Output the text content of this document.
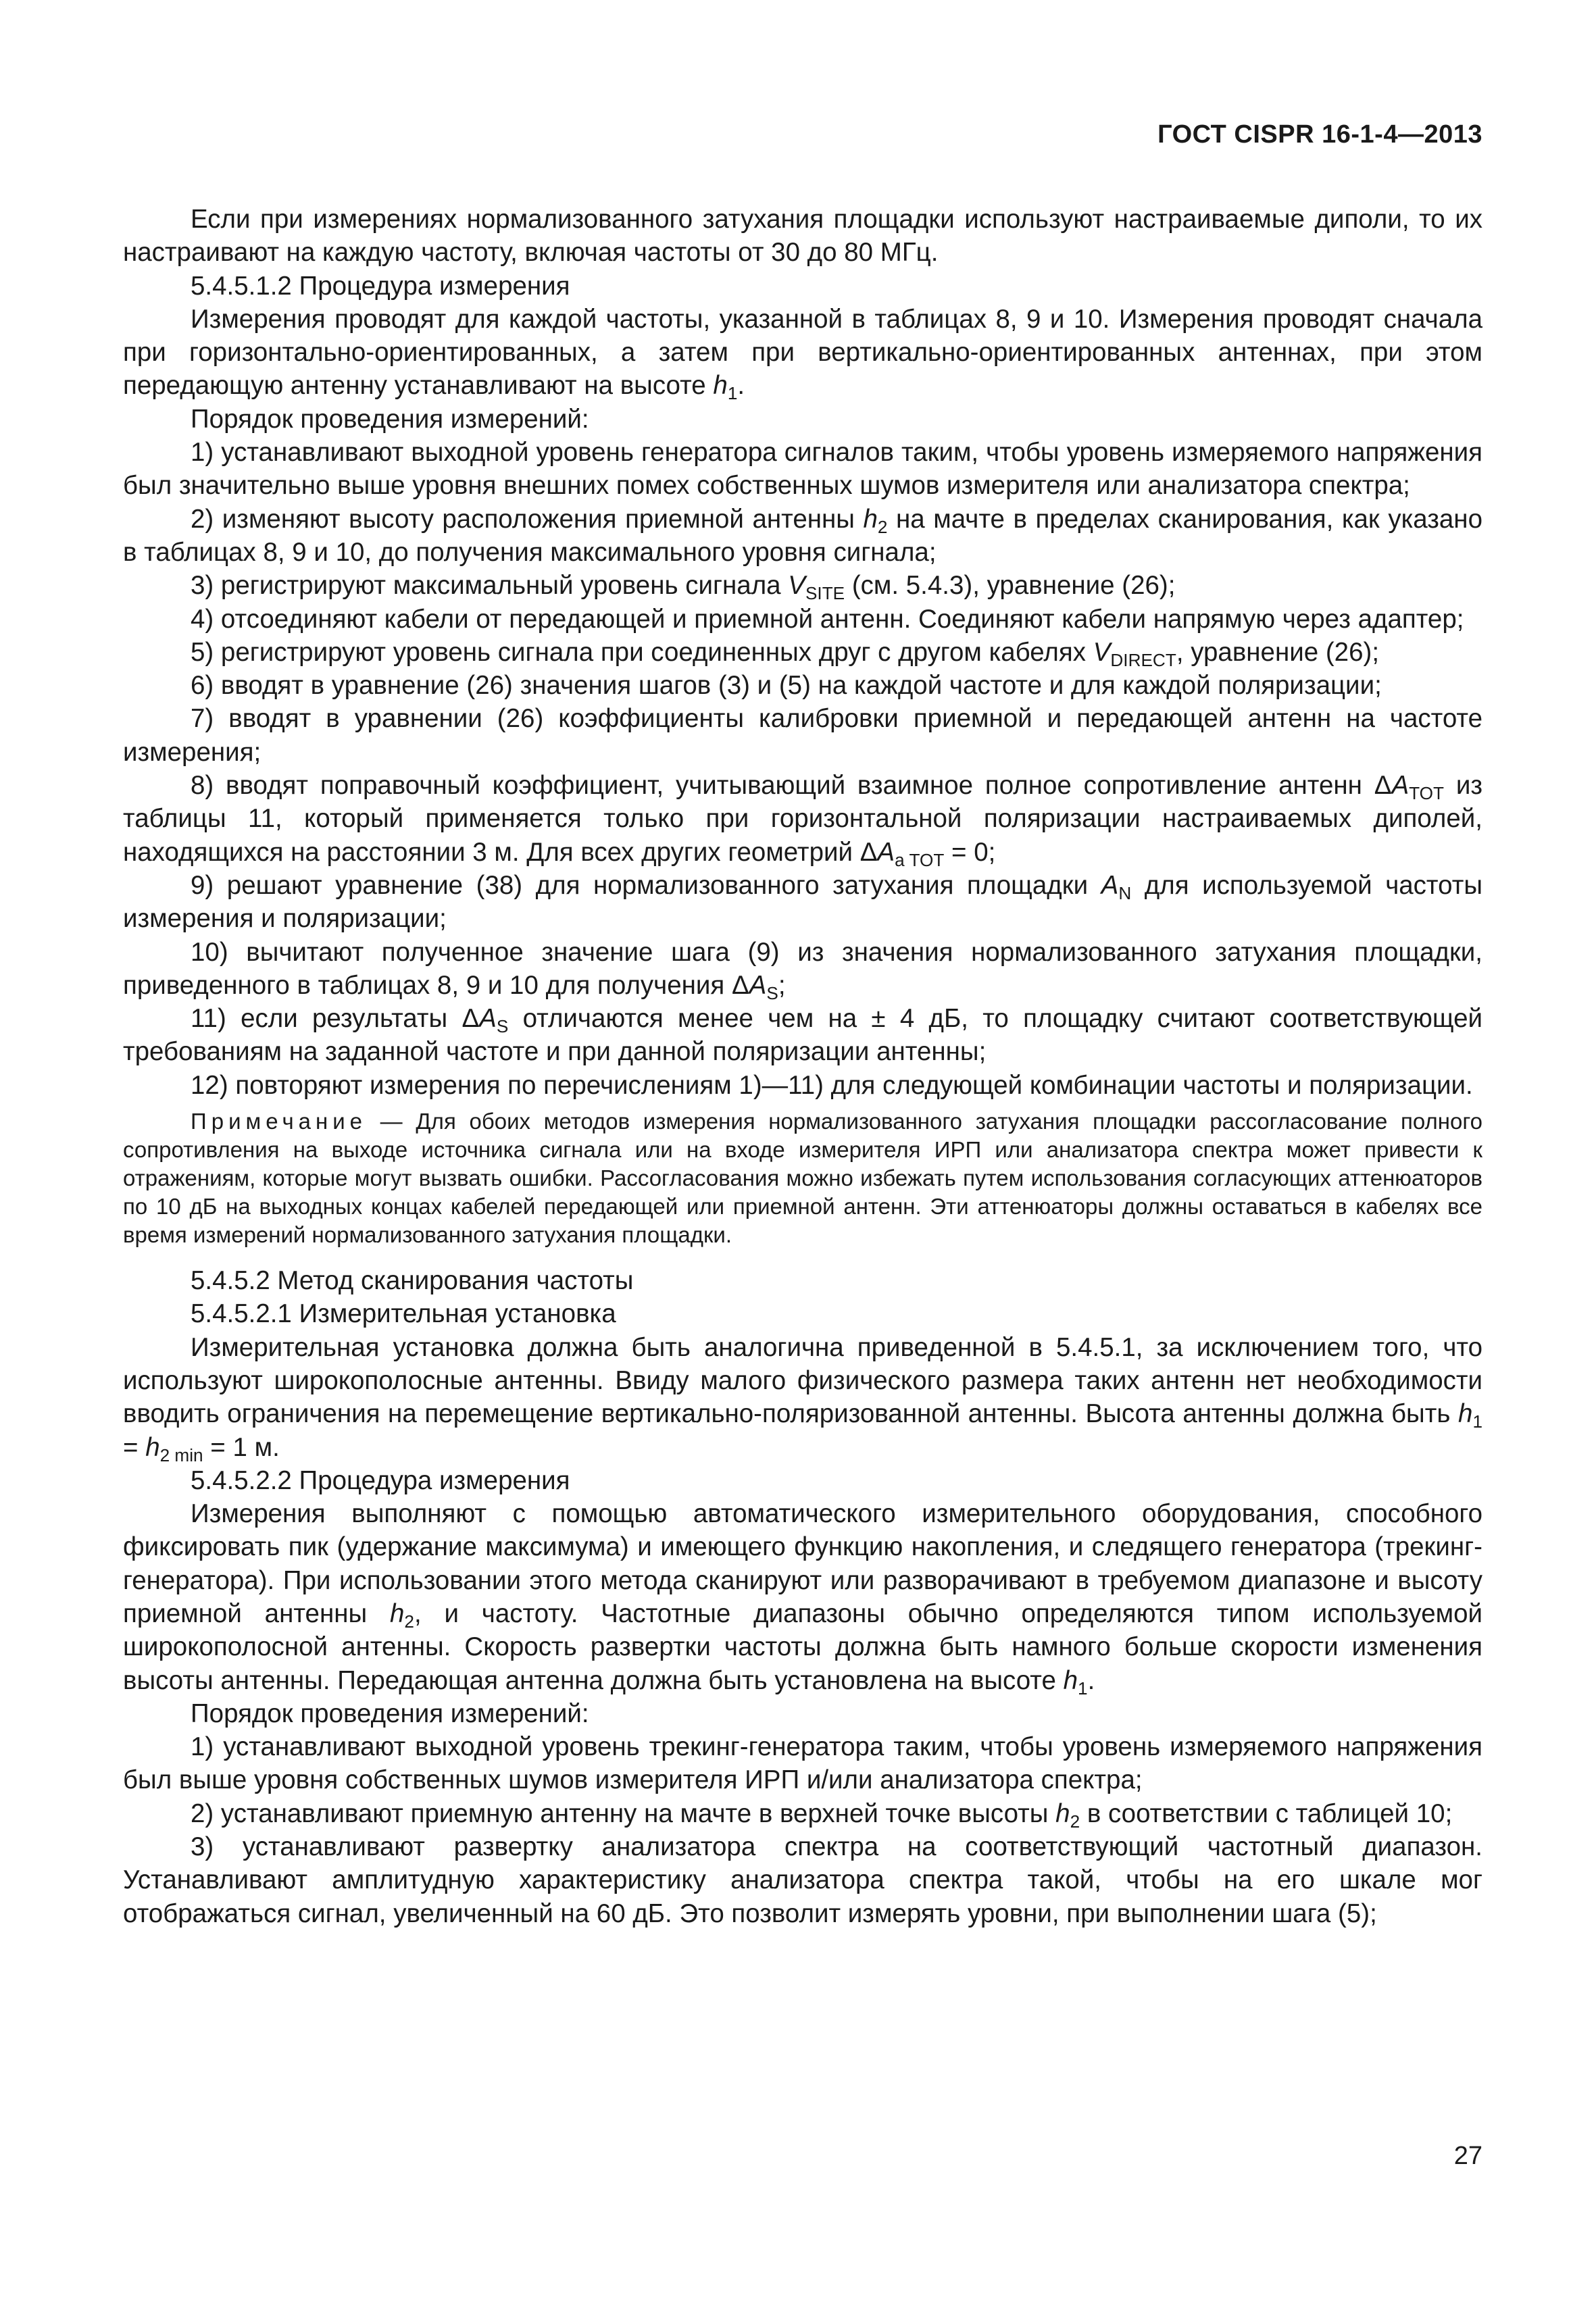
ГОСТ CISPR 16-1-4—2013

Если при измерениях нормализованного затухания площадки используют настраиваемые диполи, то их настраивают на каждую частоту, включая частоты от 30 до 80 МГц.

5.4.5.1.2 Процедура измерения

Измерения проводят для каждой частоты, указанной в таблицах 8, 9 и 10. Измерения проводят сначала при горизонтально-ориентированных, а затем при вертикально-ориентированных антеннах, при этом передающую антенну устанавливают на высоте $h_1$.

Порядок проведения измерений:

1) устанавливают выходной уровень генератора сигналов таким, чтобы уровень измеряемого напряжения был значительно выше уровня внешних помех собственных шумов измерителя или анализатора спектра;

2) изменяют высоту расположения приемной антенны $h_2$ на мачте в пределах сканирования, как указано в таблицах 8, 9 и 10, до получения максимального уровня сигнала;

3) регистрируют максимальный уровень сигнала $V_{SITE}$ (см. 5.4.3), уравнение (26);

4) отсоединяют кабели от передающей и приемной антенн. Соединяют кабели напрямую через адаптер;

5) регистрируют уровень сигнала при соединенных друг с другом кабелях $V_{DIRECT}$, уравнение (26);

6) вводят в уравнение (26) значения шагов (3) и (5) на каждой частоте и для каждой поляризации;

7) вводят в уравнении (26) коэффициенты калибровки приемной и передающей антенн на частоте измерения;

8) вводят поправочный коэффициент, учитывающий взаимное полное сопротивление антенн $\Delta A_{TOT}$ из таблицы 11, который применяется только при горизонтальной поляризации настраиваемых диполей, находящихся на расстоянии 3 м. Для всех других геометрий $\Delta A_{a TOT} = 0$;

9) решают уравнение (38) для нормализованного затухания площадки $A_N$ для используемой частоты измерения и поляризации;

10) вычитают полученное значение шага (9) из значения нормализованного затухания площадки, приведенного в таблицах 8, 9 и 10 для получения $\Delta A_S$;

11) если результаты $\Delta A_S$ отличаются менее чем на ± 4 дБ, то площадку считают соответствующей требованиям на заданной частоте и при данной поляризации антенны;

12) повторяют измерения по перечислениям 1)—11) для следующей комбинации частоты и поляризации.

Примечание — Для обоих методов измерения нормализованного затухания площадки рассогласование полного сопротивления на выходе источника сигнала или на входе измерителя ИРП или анализатора спектра может привести к отражениям, которые могут вызвать ошибки. Рассогласования можно избежать путем использования согласующих аттенюаторов по 10 дБ на выходных концах кабелей передающей или приемной антенн. Эти аттенюаторы должны оставаться в кабелях все время измерений нормализованного затухания площадки.

5.4.5.2 Метод сканирования частоты

5.4.5.2.1 Измерительная установка

Измерительная установка должна быть аналогична приведенной в 5.4.5.1, за исключением того, что используют широкополосные антенны. Ввиду малого физического размера таких антенн нет необходимости вводить ограничения на перемещение вертикально-поляризованной антенны. Высота антенны должна быть $h_1 = h_{2 min} = 1$ м.

5.4.5.2.2 Процедура измерения

Измерения выполняют с помощью автоматического измерительного оборудования, способного фиксировать пик (удержание максимума) и имеющего функцию накопления, и следящего генератора (трекинг-генератора). При использовании этого метода сканируют или разворачивают в требуемом диапазоне и высоту приемной антенны $h_2$, и частоту. Частотные диапазоны обычно определяются типом используемой широкополосной антенны. Скорость развертки частоты должна быть намного больше скорости изменения высоты антенны. Передающая антенна должна быть установлена на высоте $h_1$.

Порядок проведения измерений:

1) устанавливают выходной уровень трекинг-генератора таким, чтобы уровень измеряемого напряжения был выше уровня собственных шумов измерителя ИРП и/или анализатора спектра;

2) устанавливают приемную антенну на мачте в верхней точке высоты $h_2$ в соответствии с таблицей 10;

3) устанавливают развертку анализатора спектра на соответствующий частотный диапазон. Устанавливают амплитудную характеристику анализатора спектра такой, чтобы на его шкале мог отображаться сигнал, увеличенный на 60 дБ. Это позволит измерять уровни, при выполнении шага (5);

27
